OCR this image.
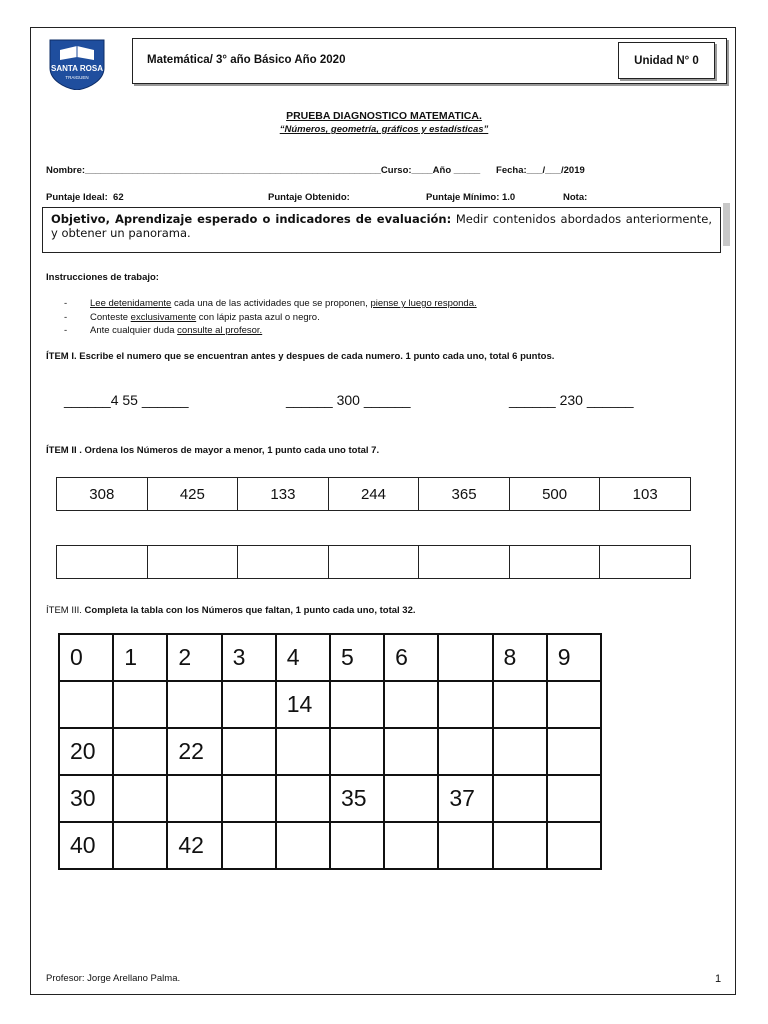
SANTA ROSA
TRAIGUEN
Matemática/ 3° año Básico Año 2020	Unidad N° 0
PRUEBA DIAGNOSTICO MATEMATICA.
“Números, geometría, gráficos y estadísticas”
Nombre:________________________________________________________Curso:____Año _____      Fecha:___/___/2019
Puntaje Ideal:  62	Puntaje Obtenido:	Puntaje Mínimo: 1.0	Nota:
Objetivo, Aprendizaje esperado o indicadores de evaluación: Medir contenidos abordados anteriormente, y obtener un panorama.
Instrucciones de trabajo:
- Lee detenidamente cada una de las actividades que se proponen, piense y luego responda.
- Conteste exclusivamente con lápiz pasta azul o negro.
- Ante cualquier duda consulte al profesor.
ÍTEM I. Escribe el numero que se encuentran antes y despues de cada numero. 1 punto cada uno, total 6 puntos.
______4 55 ______	______ 300 ______	______ 230 ______
ÍTEM II . Ordena los Números de mayor a menor, 1 punto cada uno total 7.
308	425	133	244	365	500	103

ÍTEM III. Completa la tabla con los Números que faltan, 1 punto cada uno, total 32.
0	1	2	3	4	5	6		8	9
				14					
20		22							
30					35		37		
40		42							
Profesor: Jorge Arellano Palma.	1
